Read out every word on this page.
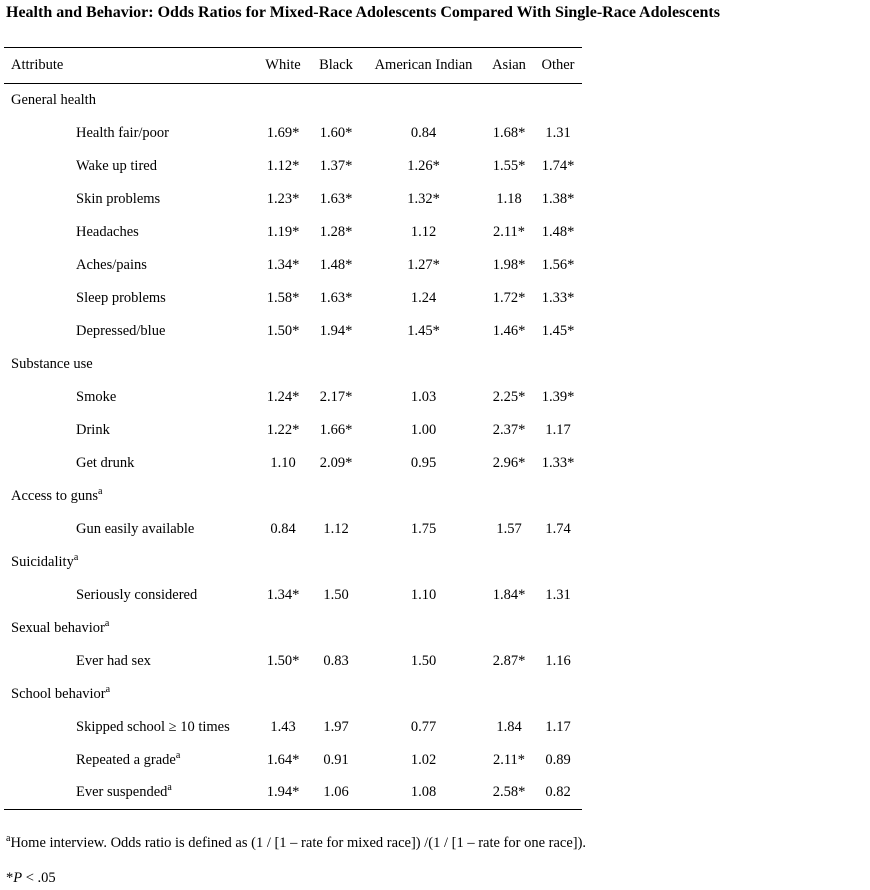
Health and Behavior: Odds Ratios for Mixed-Race Adolescents Compared With Single-Race Adolescents
Attribute	White	Black	American Indian	Asian	Other
General health					
Health fair/poor	1.69*	1.60*	0.84	1.68*	1.31
Wake up tired	1.12*	1.37*	1.26*	1.55*	1.74*
Skin problems	1.23*	1.63*	1.32*	1.18	1.38*
Headaches	1.19*	1.28*	1.12	2.11*	1.48*
Aches/pains	1.34*	1.48*	1.27*	1.98*	1.56*
Sleep problems	1.58*	1.63*	1.24	1.72*	1.33*
Depressed/blue	1.50*	1.94*	1.45*	1.46*	1.45*
Substance use					
Smoke	1.24*	2.17*	1.03	2.25*	1.39*
Drink	1.22*	1.66*	1.00	2.37*	1.17
Get drunk	1.10	2.09*	0.95	2.96*	1.33*
Access to guns$^a$					
Gun easily available	0.84	1.12	1.75	1.57	1.74
Suicidality$^a$					
Seriously considered	1.34*	1.50	1.10	1.84*	1.31
Sexual behavior$^a$					
Ever had sex	1.50*	0.83	1.50	2.87*	1.16
School behavior$^a$					
Skipped school ≥ 10 times	1.43	1.97	0.77	1.84	1.17
Repeated a grade$^a$	1.64*	0.91	1.02	2.11*	0.89
Ever suspended$^a$	1.94*	1.06	1.08	2.58*	0.82
$^a$Home interview. Odds ratio is defined as (1 / [1 – rate for mixed race]) /(1 / [1 – rate for one race]).
*P < .05
